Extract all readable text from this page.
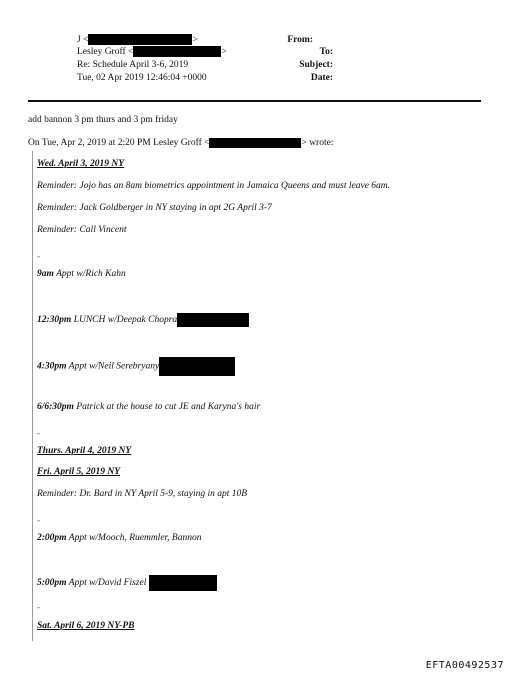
From:
J <	>
To:
Lesley Groff <	>
Subject:
Re: Schedule April 3-6, 2019
Date:
Tue, 02 Apr 2019 12:46:04 +0000
add bannon 3 pm thurs and 3 pm friday
On Tue, Apr 2, 2019 at 2:20 PM Lesley Groff <	> wrote:
Wed. April 3, 2019 NY
Reminder: Jojo has an 8am biometrics appointment in Jamaica Queens and must leave 6am.
Reminder: Jack Goldberger in NY staying in apt 2G April 3-7
Reminder: Call Vincent
-
9am Appt w/Rich Kahn
12:30pm LUNCH w/Deepak Chopra
4:30pm Appt w/Neil Serebryany
6/6:30pm Patrick at the house to cut JE and Karyna's hair
-
Thurs. April 4, 2019 NY
Fri. April 5, 2019 NY
Reminder: Dr. Bard in NY April 5-9, staying in apt 10B
-
2:00pm Appt w/Mooch, Ruemmler, Bannon
5:00pm Appt w/David Fiszel
-
Sat. April 6, 2019 NY-PB
EFTA00492537
